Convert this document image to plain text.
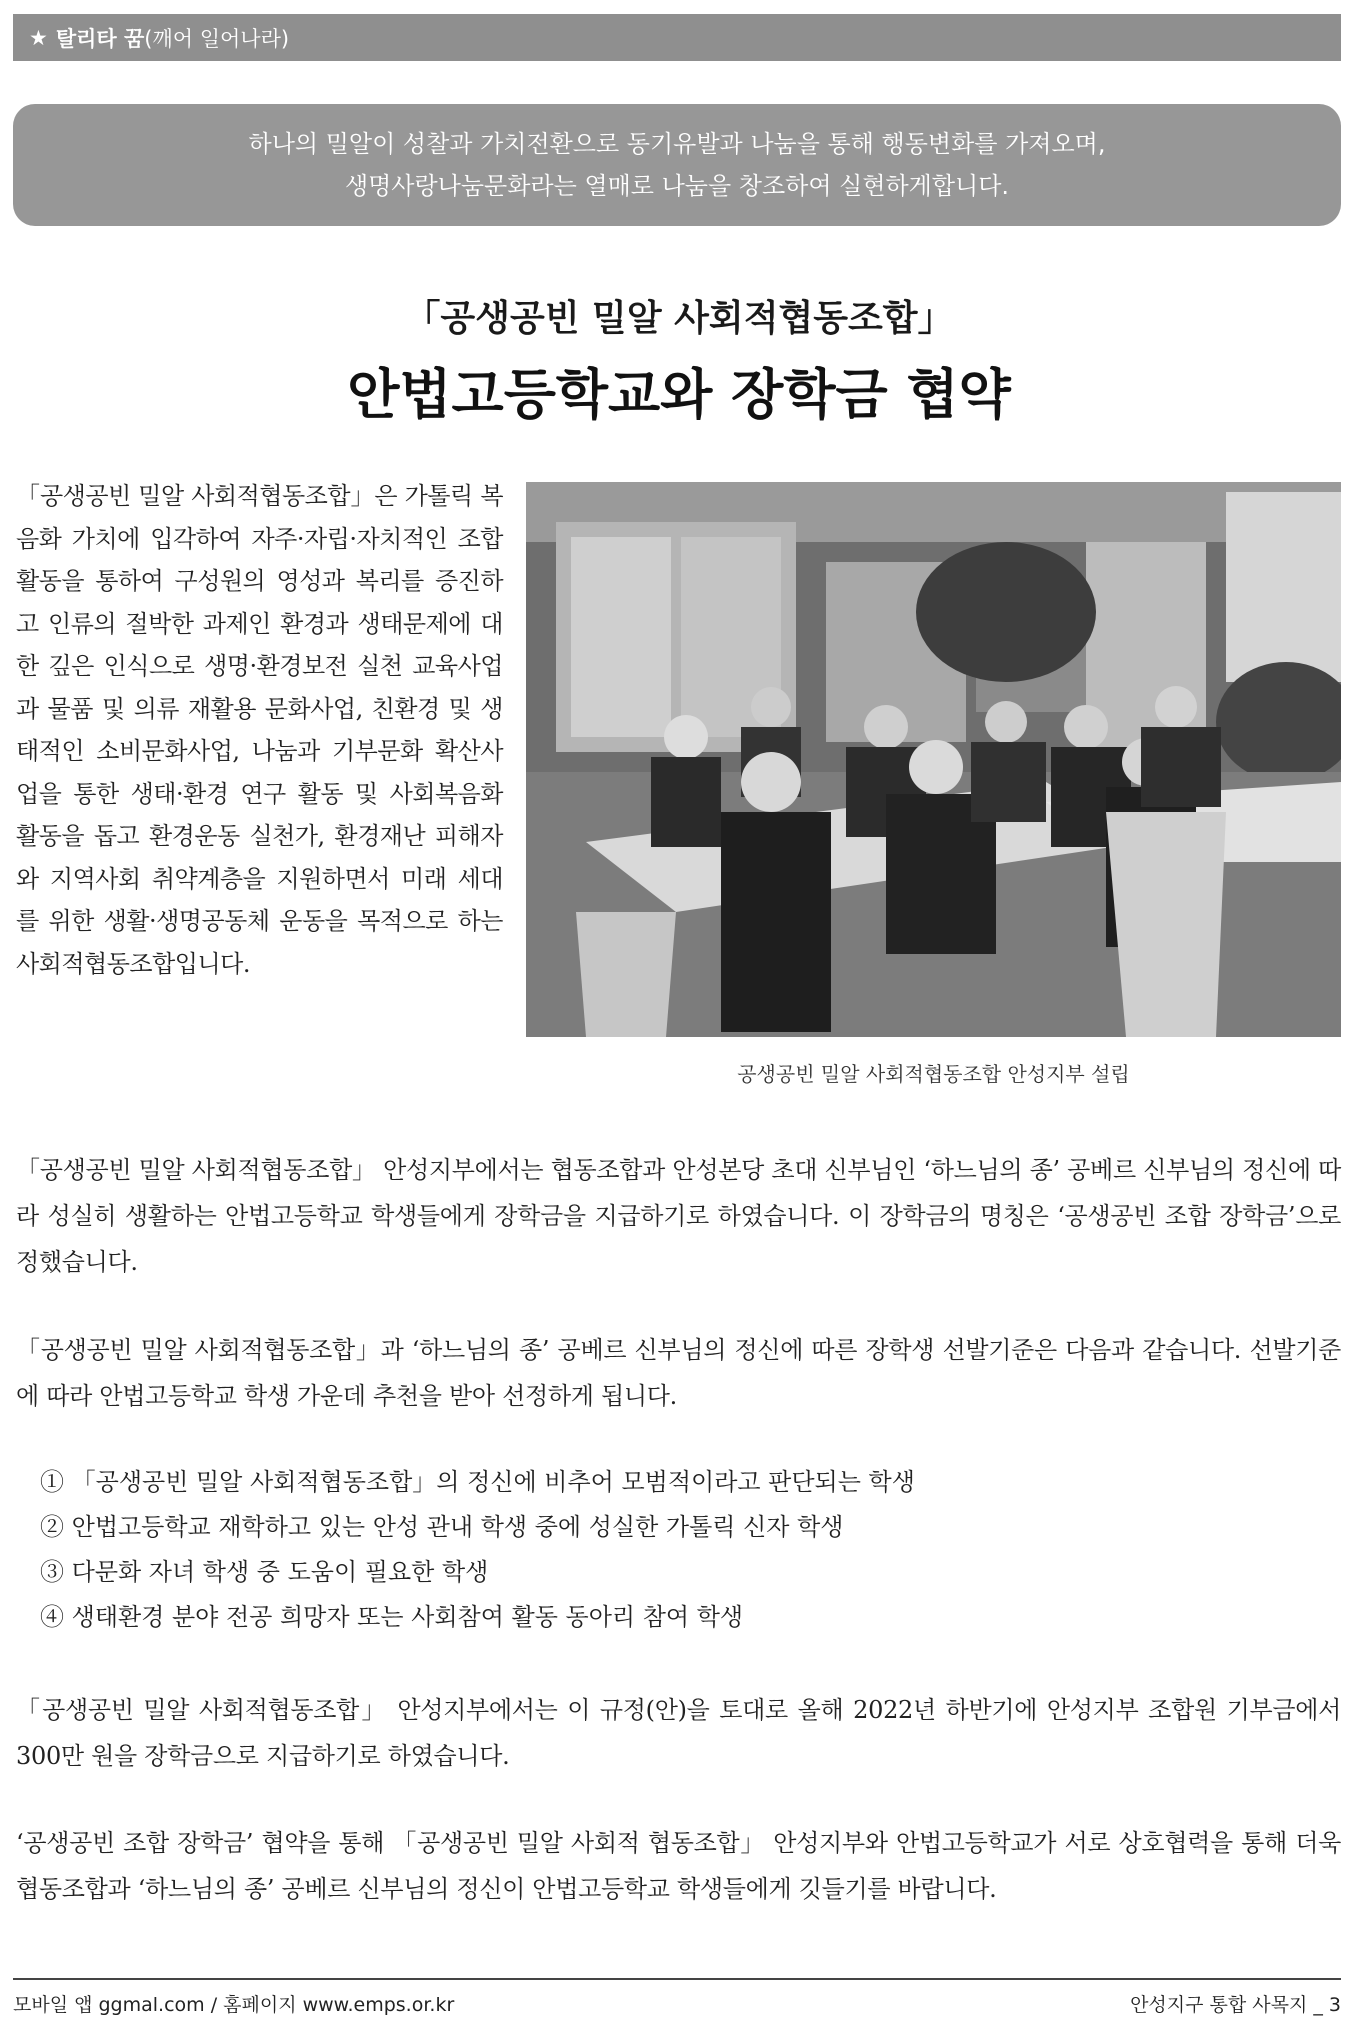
★ 탈리타 꿈 (깨어 일어나라)
하나의 밀알이 성찰과 가치전환으로 동기유발과 나눔을 통해 행동변화를 가져오며,
생명사랑나눔문화라는 열매로 나눔을 창조하여 실현하게합니다.
「공생공빈 밀알 사회적협동조합」
안법고등학교와 장학금 협약
「공생공빈 밀알 사회적협동조합」은 가톨릭 복음화 가치에 입각하여 자주·자립·자치적인 조합 활동을 통하여 구성원의 영성과 복리를 증진하고 인류의 절박한 과제인 환경과 생태문제에 대한 깊은 인식으로 생명·환경보전 실천 교육사업과 물품 및 의류 재활용 문화사업, 친환경 및 생태적인 소비문화사업, 나눔과 기부문화 확산사업을 통한 생태·환경 연구 활동 및 사회복음화 활동을 돕고 환경운동 실천가, 환경재난 피해자와 지역사회 취약계층을 지원하면서 미래 세대를 위한 생활·생명공동체 운동을 목적으로 하는 사회적협동조합입니다.
공생공빈 밀알 사회적협동조합 안성지부 설립
「공생공빈 밀알 사회적협동조합」 안성지부에서는 협동조합과 안성본당 초대 신부님인 ‘하느님의 종’ 공베르 신부님의 정신에 따라 성실히 생활하는 안법고등학교 학생들에게 장학금을 지급하기로 하였습니다. 이 장학금의 명칭은 ‘공생공빈 조합 장학금’으로 정했습니다.
「공생공빈 밀알 사회적협동조합」과 ‘하느님의 종’ 공베르 신부님의 정신에 따른 장학생 선발기준은 다음과 같습니다. 선발기준에 따라 안법고등학교 학생 가운데 추천을 받아 선정하게 됩니다.
① 「공생공빈 밀알 사회적협동조합」의 정신에 비추어 모범적이라고 판단되는 학생
② 안법고등학교 재학하고 있는 안성 관내 학생 중에 성실한 가톨릭 신자 학생
③ 다문화 자녀 학생 중 도움이 필요한 학생
④ 생태환경 분야 전공 희망자 또는 사회참여 활동 동아리 참여 학생
「공생공빈 밀알 사회적협동조합」 안성지부에서는 이 규정(안)을 토대로 올해 2022년 하반기에 안성지부 조합원 기부금에서 300만 원을 장학금으로 지급하기로 하였습니다.
‘공생공빈 조합 장학금’ 협약을 통해 「공생공빈 밀알 사회적 협동조합」 안성지부와 안법고등학교가 서로 상호협력을 통해 더욱 협동조합과 ‘하느님의 종’ 공베르 신부님의 정신이 안법고등학교 학생들에게 깃들기를 바랍니다.
모바일 앱 ggmal.com / 홈페이지 www.emps.or.kr	안성지구 통합 사목지 _ 3
